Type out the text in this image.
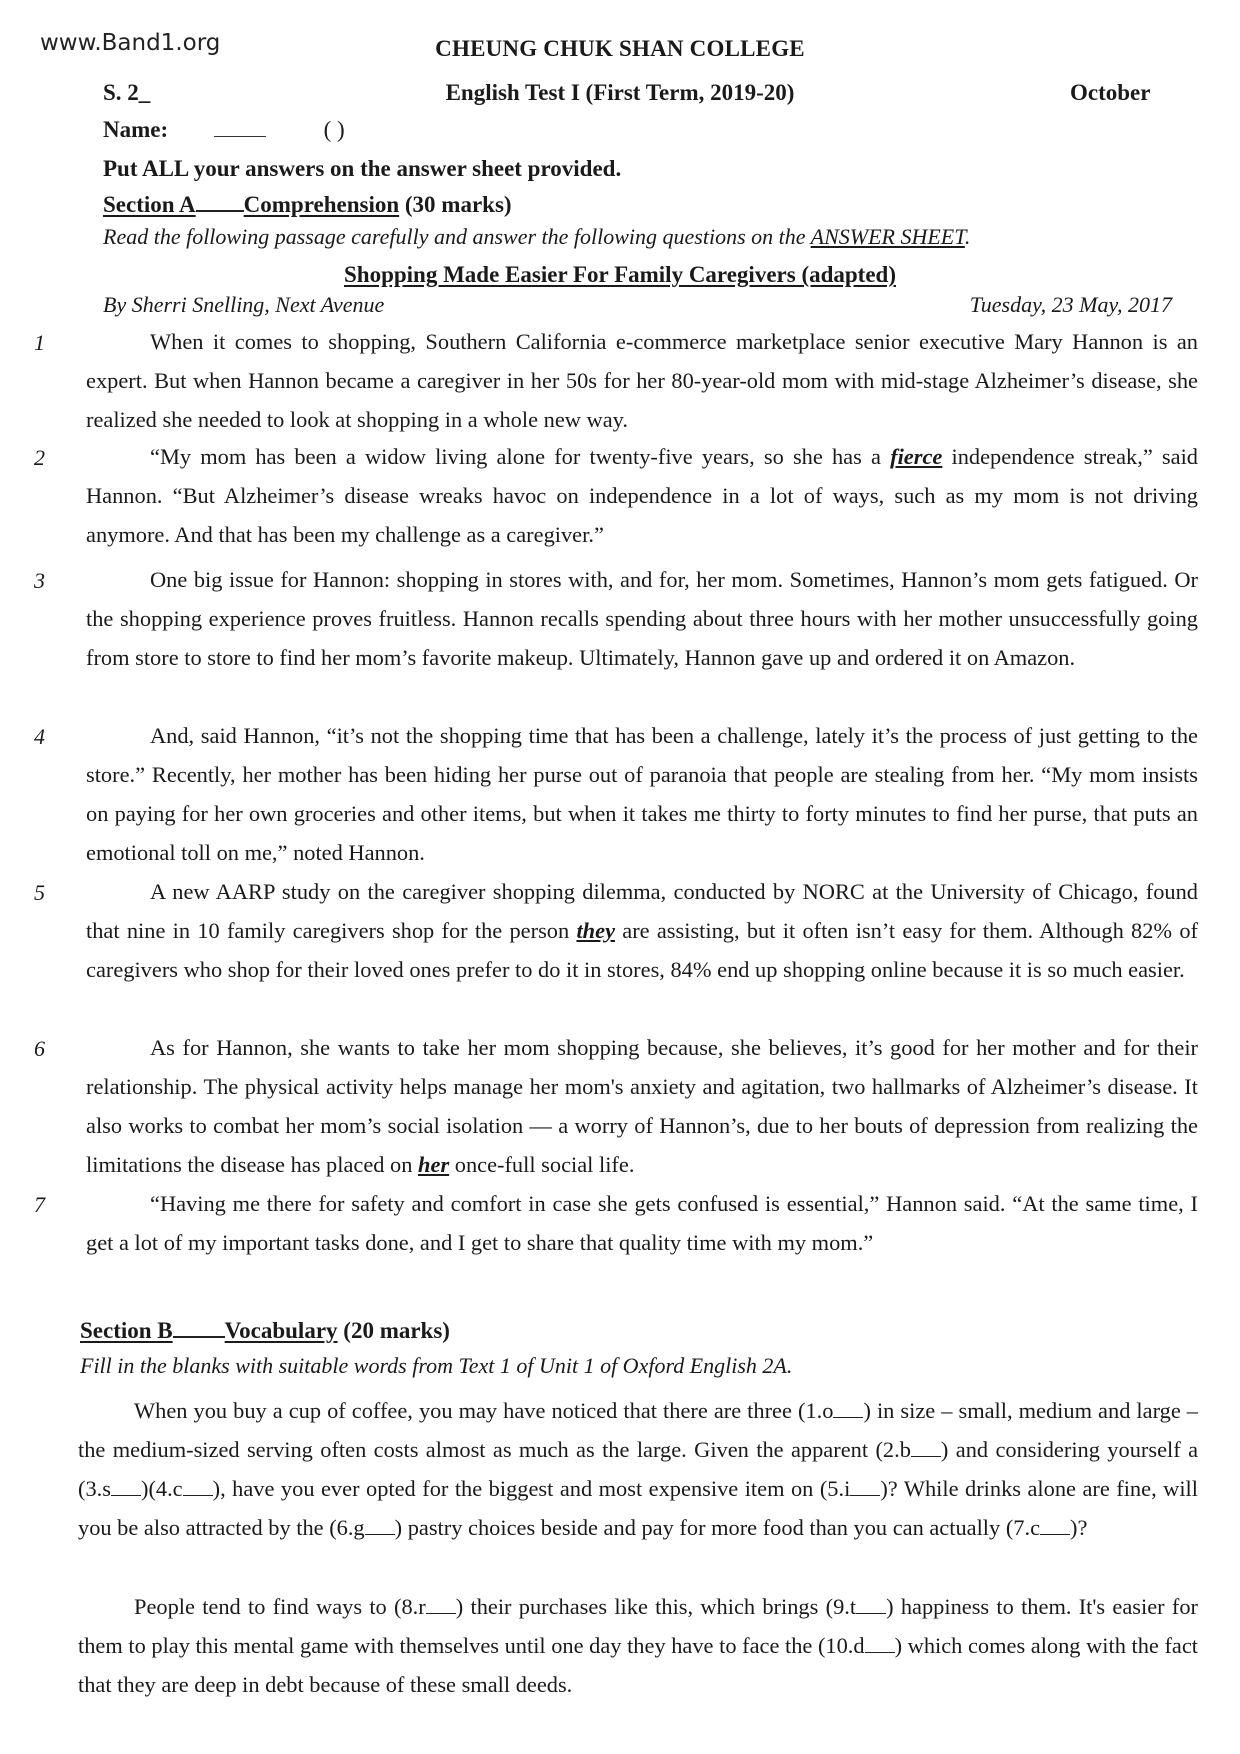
www.Band1.org	CHEUNG CHUK SHAN COLLEGE
S. 2_	English Test I (First Term, 2019-20)	October
Name:	( )
Put ALL your answers on the answer sheet provided.
Section A Comprehension (30 marks)
Read the following passage carefully and answer the following questions on the ANSWER SHEET.
Shopping Made Easier For Family Caregivers (adapted)
By Sherri Snelling, Next Avenue	Tuesday, 23 May, 2017
1	When it comes to shopping, Southern California e-commerce marketplace senior executive Mary Hannon is an expert. But when Hannon became a caregiver in her 50s for her 80-year-old mom with mid-stage Alzheimer’s disease, she realized she needed to look at shopping in a whole new way.
2	“My mom has been a widow living alone for twenty-five years, so she has a fierce independence streak,” said Hannon. “But Alzheimer’s disease wreaks havoc on independence in a lot of ways, such as my mom is not driving anymore. And that has been my challenge as a caregiver.”
3	One big issue for Hannon: shopping in stores with, and for, her mom. Sometimes, Hannon’s mom gets fatigued. Or the shopping experience proves fruitless. Hannon recalls spending about three hours with her mother unsuccessfully going from store to store to find her mom’s favorite makeup. Ultimately, Hannon gave up and ordered it on Amazon.
4	And, said Hannon, “it’s not the shopping time that has been a challenge, lately it’s the process of just getting to the store.” Recently, her mother has been hiding her purse out of paranoia that people are stealing from her. “My mom insists on paying for her own groceries and other items, but when it takes me thirty to forty minutes to find her purse, that puts an emotional toll on me,” noted Hannon.
5	A new AARP study on the caregiver shopping dilemma, conducted by NORC at the University of Chicago, found that nine in 10 family caregivers shop for the person they are assisting, but it often isn’t easy for them. Although 82% of caregivers who shop for their loved ones prefer to do it in stores, 84% end up shopping online because it is so much easier.
6	As for Hannon, she wants to take her mom shopping because, she believes, it’s good for her mother and for their relationship. The physical activity helps manage her mom's anxiety and agitation, two hallmarks of Alzheimer’s disease. It also works to combat her mom’s social isolation — a worry of Hannon’s, due to her bouts of depression from realizing the limitations the disease has placed on her once-full social life.
7	“Having me there for safety and comfort in case she gets confused is essential,” Hannon said. “At the same time, I get a lot of my important tasks done, and I get to share that quality time with my mom.”
Section B Vocabulary (20 marks)
Fill in the blanks with suitable words from Text 1 of Unit 1 of Oxford English 2A.
When you buy a cup of coffee, you may have noticed that there are three (1.o ) in size – small, medium and large – the medium-sized serving often costs almost as much as the large. Given the apparent (2.b ) and considering yourself a (3.s )(4.c ), have you ever opted for the biggest and most expensive item on (5.i )? While drinks alone are fine, will you be also attracted by the (6.g ) pastry choices beside and pay for more food than you can actually (7.c )?
People tend to find ways to (8.r ) their purchases like this, which brings (9.t ) happiness to them. It's easier for them to play this mental game with themselves until one day they have to face the (10.d ) which comes along with the fact that they are deep in debt because of these small deeds.
